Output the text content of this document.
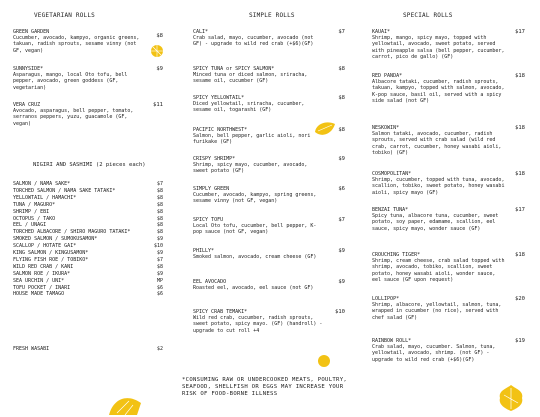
VEGETARIAN ROLLS
GREEN GARDEN
Cucumber, avocado, kampyo, organic greens, takuan, radish sprouts, sesame vinny (not GF, vegan)
$8
SUNNYSIDE*
Asparagus, mango, local Oto tofu, bell pepper, avocado, green goddess (GF, vegetarian)
$9
VERA CRUZ
Avocado, asparagus, bell pepper, tomato, serranos peppers, yuzu, guacamole (GF, vegan)
$11
NIGIRI AND SASHIMI (2 pieces each)
SALMON / NAMA SAKE*	$7
TORCHED SALMON / NAMA SAKE TATAKI*	$8
YELLOWTAIL / HAMACHI*	$8
TUNA / MAGURO*	$8
SHRIMP / EBI	$8
OCTOPUS / TAKO	$8
EEL / UNAGI	$8
TORCHED ALBACORE / SHIRO MAGURO TATAKI*	$8
SMOKED SALMON / SUMOKUSAMON*	$9
SCALLOP / HOTATE GAI*	$10
KING SALMON / KINGUSAMON*	$9
FLYING FISH ROE / TOBIKO*	$7
WILD RED CRAB / KANI	$8
SALMON ROE / IKURA*	$9
SEA URCHIN / UNI*	MP
TOFU POCKET / INARI	$6
HOUSE MADE TAMAGO	$6
FRESH WASABI	$2
SIMPLE ROLLS
CALI*
Crab salad, mayo, cucumber, avocado (not GF) - upgrade to wild red crab (+$6)(GF)
$7
SPICY TUNA or SPICY SALMON*
Minced tuna or diced salmon, sriracha, sesame oil, cucumber (GF)
$8
SPICY YELLOWTAIL*
Diced yellowtail, sriracha, cucumber, sesame oil, togarashi (GF)
$8
PACIFIC NORTHWEST*
Salmon, bell pepper, garlic aioli, nori furikake (GF)
$8
CRISPY SHRIMP*
Shrimp, spicy mayo, cucumber, avocado, sweet potato (GF)
$9
SIMPLY GREEN
Cucumber, avocado, kampyo, spring greens, sesame vinny (not GF, vegan)
$6
SPICY TOFU
Local Oto tofu, cucumber, bell pepper, K-pop sauce (not GF, vegan)
$7
PHILLY*
Smoked salmon, avocado, cream cheese (GF)
$9
EEL AVOCADO
Roasted eel, avocado, eel sauce (not GF)
$9
SPICY CRAB TEMAKI*
Wild red crab, cucumber, radish sprouts, sweet potato, spicy mayo. (GF) (handroll) - upgrade to cut roll +4
$10
SPECIAL ROLLS
KAUAI*
Shrimp, mango, spicy mayo, topped with yellowtail, avocado, sweet potato, served with pineapple salsa (bell pepper, cucumber, carrot, pico de gallo) (GF)
$17
RED PANDA*
Albacore tataki, cucumber, radish sprouts, takuan, kampyo, topped with salmon, avocado, K-pop sauce, basil oil, served with a spicy side salad (not GF)
$18
NESKOWIN*
Salmon tataki, avocado, cucumber, radish sprouts, served with crab salad (wild red crab, carrot, cucumber, honey wasabi aioli, tobiko) (GF)
$18
COSMOPOLITAN*
Shrimp, cucumber, topped with tuna, avocado, scallion, tobiko, sweet potato, honey wasabi aioli, spicy mayo (GF)
$18
BENZAI TUNA*
Spicy tuna, albacore tuna, cucumber, sweet potato, soy paper, edamame, scallion, eel sauce, spicy mayo, wonder sauce (GF)
$17
CROUCHING TIGER*
Shrimp, cream cheese, crab salad topped with shrimp, avocado, tobiko, scallion, sweet potato, honey wasabi aioli, wonder sauce, eel sauce (GF upon request)
$18
LOLLIPOP*
Shrimp, albacore, yellowtail, salmon, tuna, wrapped in cucumber (no rice), served with chef salad (GF)
$20
RAINBOW ROLL*
Crab salad, mayo, cucumber. Salmon, tuna, yellowtail, avocado, shrimp. (not GF) - upgrade to wild red crab (+$6)(GF)
$19
*CONSUMING RAW OR UNDERCOOKED MEATS, POULTRY, SEAFOOD, SHELLFISH OR EGGS MAY INCREASE YOUR RISK OF FOOD-BORNE ILLNESS
